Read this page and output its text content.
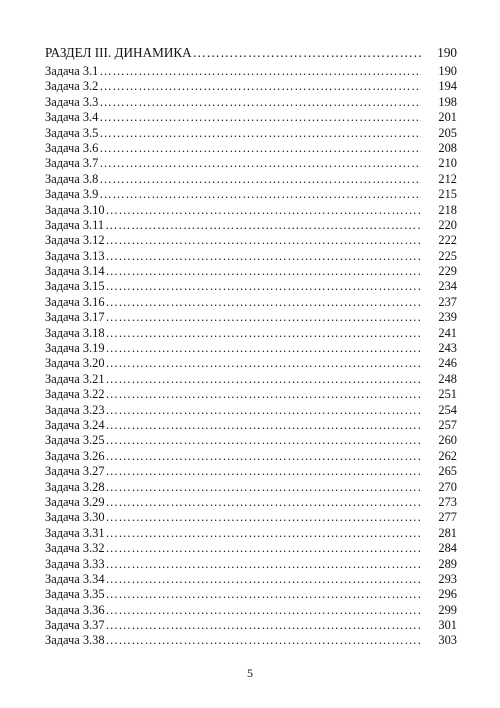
РАЗДЕЛ III. ДИНАМИКА ……………………………………………………………………………………………………………………………………………………	190
Задача 3.1 ……………………………………………………………………………………………………………………………………………………	190
Задача 3.2 ……………………………………………………………………………………………………………………………………………………	194
Задача 3.3 ……………………………………………………………………………………………………………………………………………………	198
Задача 3.4 ……………………………………………………………………………………………………………………………………………………	201
Задача 3.5 ……………………………………………………………………………………………………………………………………………………	205
Задача 3.6 ……………………………………………………………………………………………………………………………………………………	208
Задача 3.7 ……………………………………………………………………………………………………………………………………………………	210
Задача 3.8 ……………………………………………………………………………………………………………………………………………………	212
Задача 3.9 ……………………………………………………………………………………………………………………………………………………	215
Задача 3.10 ……………………………………………………………………………………………………………………………………………………	218
Задача 3.11 ……………………………………………………………………………………………………………………………………………………	220
Задача 3.12 ……………………………………………………………………………………………………………………………………………………	222
Задача 3.13 ……………………………………………………………………………………………………………………………………………………	225
Задача 3.14 ……………………………………………………………………………………………………………………………………………………	229
Задача 3.15 ……………………………………………………………………………………………………………………………………………………	234
Задача 3.16 ……………………………………………………………………………………………………………………………………………………	237
Задача 3.17 ……………………………………………………………………………………………………………………………………………………	239
Задача 3.18 ……………………………………………………………………………………………………………………………………………………	241
Задача 3.19 ……………………………………………………………………………………………………………………………………………………	243
Задача 3.20 ……………………………………………………………………………………………………………………………………………………	246
Задача 3.21 ……………………………………………………………………………………………………………………………………………………	248
Задача 3.22 ……………………………………………………………………………………………………………………………………………………	251
Задача 3.23 ……………………………………………………………………………………………………………………………………………………	254
Задача 3.24 ……………………………………………………………………………………………………………………………………………………	257
Задача 3.25 ……………………………………………………………………………………………………………………………………………………	260
Задача 3.26 ……………………………………………………………………………………………………………………………………………………	262
Задача 3.27 ……………………………………………………………………………………………………………………………………………………	265
Задача 3.28 ……………………………………………………………………………………………………………………………………………………	270
Задача 3.29 ……………………………………………………………………………………………………………………………………………………	273
Задача 3.30 ……………………………………………………………………………………………………………………………………………………	277
Задача 3.31 ……………………………………………………………………………………………………………………………………………………	281
Задача 3.32 ……………………………………………………………………………………………………………………………………………………	284
Задача 3.33 ……………………………………………………………………………………………………………………………………………………	289
Задача 3.34 ……………………………………………………………………………………………………………………………………………………	293
Задача 3.35 ……………………………………………………………………………………………………………………………………………………	296
Задача 3.36 ……………………………………………………………………………………………………………………………………………………	299
Задача 3.37 ……………………………………………………………………………………………………………………………………………………	301
Задача 3.38 ……………………………………………………………………………………………………………………………………………………	303
5
